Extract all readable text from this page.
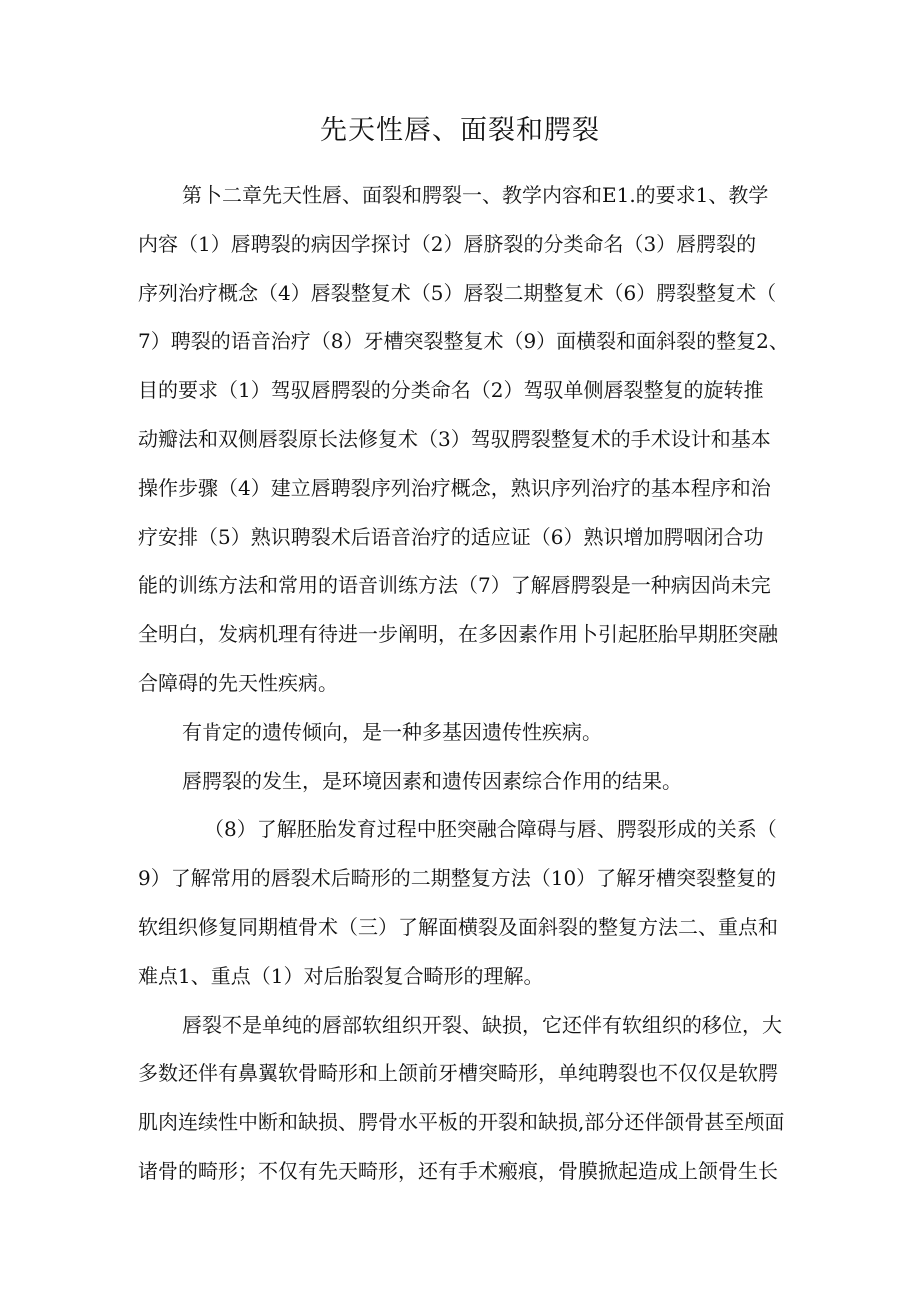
先天性唇、面裂和腭裂
第卜二章先天性唇、面裂和腭裂一、教学内容和E1.的要求1、教学
内容（1）唇聘裂的病因学探讨（2）唇脐裂的分类命名（3）唇腭裂的
序列治疗概念（4）唇裂整复术（5）唇裂二期整复术（6）腭裂整复术（
7）聘裂的语音治疗（8）牙槽突裂整复术（9）面横裂和面斜裂的整复2、
目的要求（1）驾驭唇腭裂的分类命名（2）驾驭单侧唇裂整复的旋转推
动瓣法和双侧唇裂原长法修复术（3）驾驭腭裂整复术的手术设计和基本
操作步骤（4）建立唇聘裂序列治疗概念，熟识序列治疗的基本程序和治
疗安排（5）熟识聘裂术后语音治疗的适应证（6）熟识增加腭咽闭合功
能的训练方法和常用的语音训练方法（7）了解唇腭裂是一种病因尚未完
全明白，发病机理有待进一步阐明，在多因素作用卜引起胚胎早期胚突融
合障碍的先天性疾病。
有肯定的遗传倾向，是一种多基因遗传性疾病。
唇腭裂的发生，是环境因素和遗传因素综合作用的结果。
（8）了解胚胎发育过程中胚突融合障碍与唇、腭裂形成的关系（
9）了解常用的唇裂术后畸形的二期整复方法（10）了解牙槽突裂整复的
软组织修复同期植骨术（三）了解面横裂及面斜裂的整复方法二、重点和
难点1、重点（1）对后胎裂复合畸形的理解。
唇裂不是单纯的唇部软组织开裂、缺损，它还伴有软组织的移位，大
多数还伴有鼻翼软骨畸形和上颌前牙槽突畸形，单纯聘裂也不仅仅是软腭
肌肉连续性中断和缺损、腭骨水平板的开裂和缺损,部分还伴颌骨甚至颅面
诸骨的畸形；不仅有先天畸形，还有手术瘢痕，骨膜掀起造成上颌骨生长
